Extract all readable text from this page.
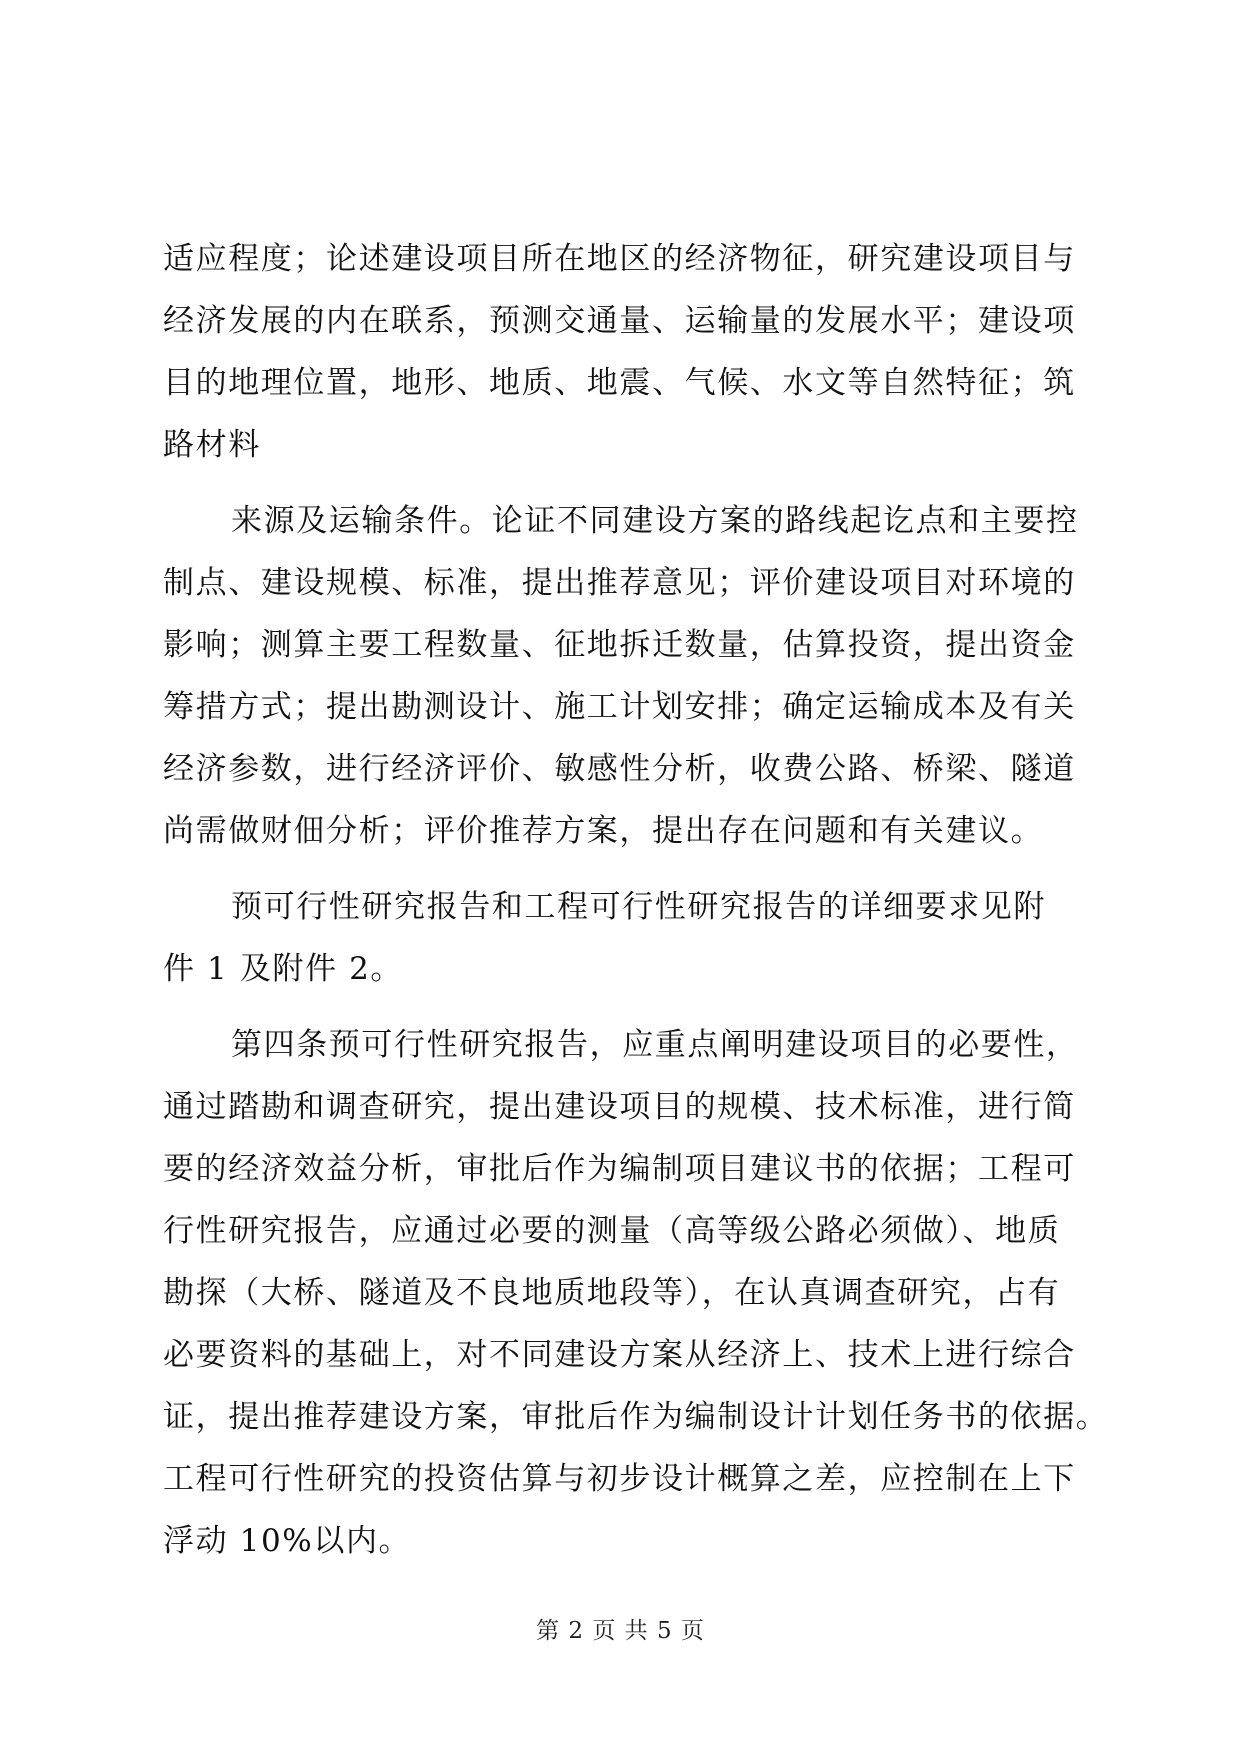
适应程度；论述建设项目所在地区的经济物征，研究建设项目与
经济发展的内在联系，预测交通量、运输量的发展水平；建设项
目的地理位置，地形、地质、地震、气候、水文等自然特征；筑
路材料
来源及运输条件。论证不同建设方案的路线起讫点和主要控
制点、建设规模、标准，提出推荐意见；评价建设项目对环境的
影响；测算主要工程数量、征地拆迁数量，估算投资，提出资金
筹措方式；提出勘测设计、施工计划安排；确定运输成本及有关
经济参数，进行经济评价、敏感性分析，收费公路、桥梁、隧道
尚需做财佃分析；评价推荐方案，提出存在问题和有关建议。
预可行性研究报告和工程可行性研究报告的详细要求见附
件 1 及附件 2。
第四条预可行性研究报告，应重点阐明建设项目的必要性，
通过踏勘和调查研究，提出建设项目的规模、技术标准，进行简
要的经济效益分析，审批后作为编制项目建议书的依据；工程可
行性研究报告，应通过必要的测量（高等级公路必须做）、地质
勘探（大桥、隧道及不良地质地段等），在认真调查研究，占有
必要资料的基础上，对不同建设方案从经济上、技术上进行综合
证，提出推荐建设方案，审批后作为编制设计计划任务书的依据。
工程可行性研究的投资估算与初步设计概算之差，应控制在上下
浮动 10%以内。
第 2 页 共 5 页
